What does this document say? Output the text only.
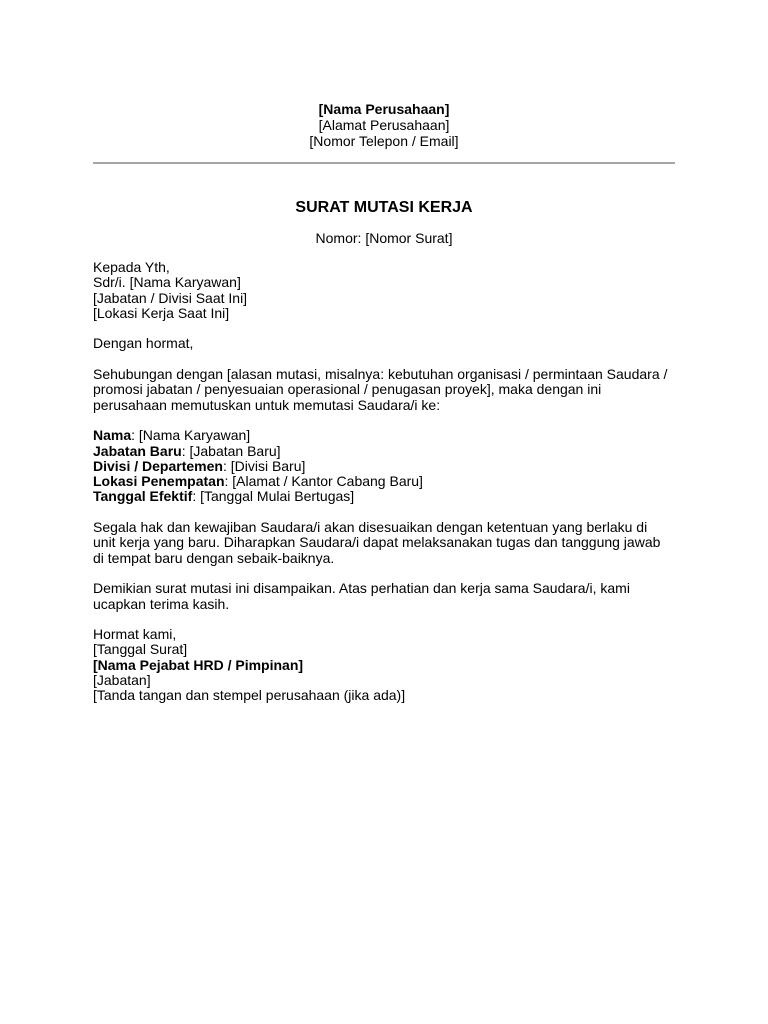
[Nama Perusahaan]
[Alamat Perusahaan]
[Nomor Telepon / Email]
SURAT MUTASI KERJA
Nomor: [Nomor Surat]

Kepada Yth,
Sdr/i. [Nama Karyawan]
[Jabatan / Divisi Saat Ini]
[Lokasi Kerja Saat Ini]

Dengan hormat,

Sehubungan dengan [alasan mutasi, misalnya: kebutuhan organisasi / permintaan Saudara /
promosi jabatan / penyesuaian operasional / penugasan proyek], maka dengan ini
perusahaan memutuskan untuk memutasi Saudara/i ke:

Nama: [Nama Karyawan]
Jabatan Baru: [Jabatan Baru]
Divisi / Departemen: [Divisi Baru]
Lokasi Penempatan: [Alamat / Kantor Cabang Baru]
Tanggal Efektif: [Tanggal Mulai Bertugas]

Segala hak dan kewajiban Saudara/i akan disesuaikan dengan ketentuan yang berlaku di
unit kerja yang baru. Diharapkan Saudara/i dapat melaksanakan tugas dan tanggung jawab
di tempat baru dengan sebaik-baiknya.

Demikian surat mutasi ini disampaikan. Atas perhatian dan kerja sama Saudara/i, kami
ucapkan terima kasih.

Hormat kami,
[Tanggal Surat]
[Nama Pejabat HRD / Pimpinan]
[Jabatan]
[Tanda tangan dan stempel perusahaan (jika ada)]
